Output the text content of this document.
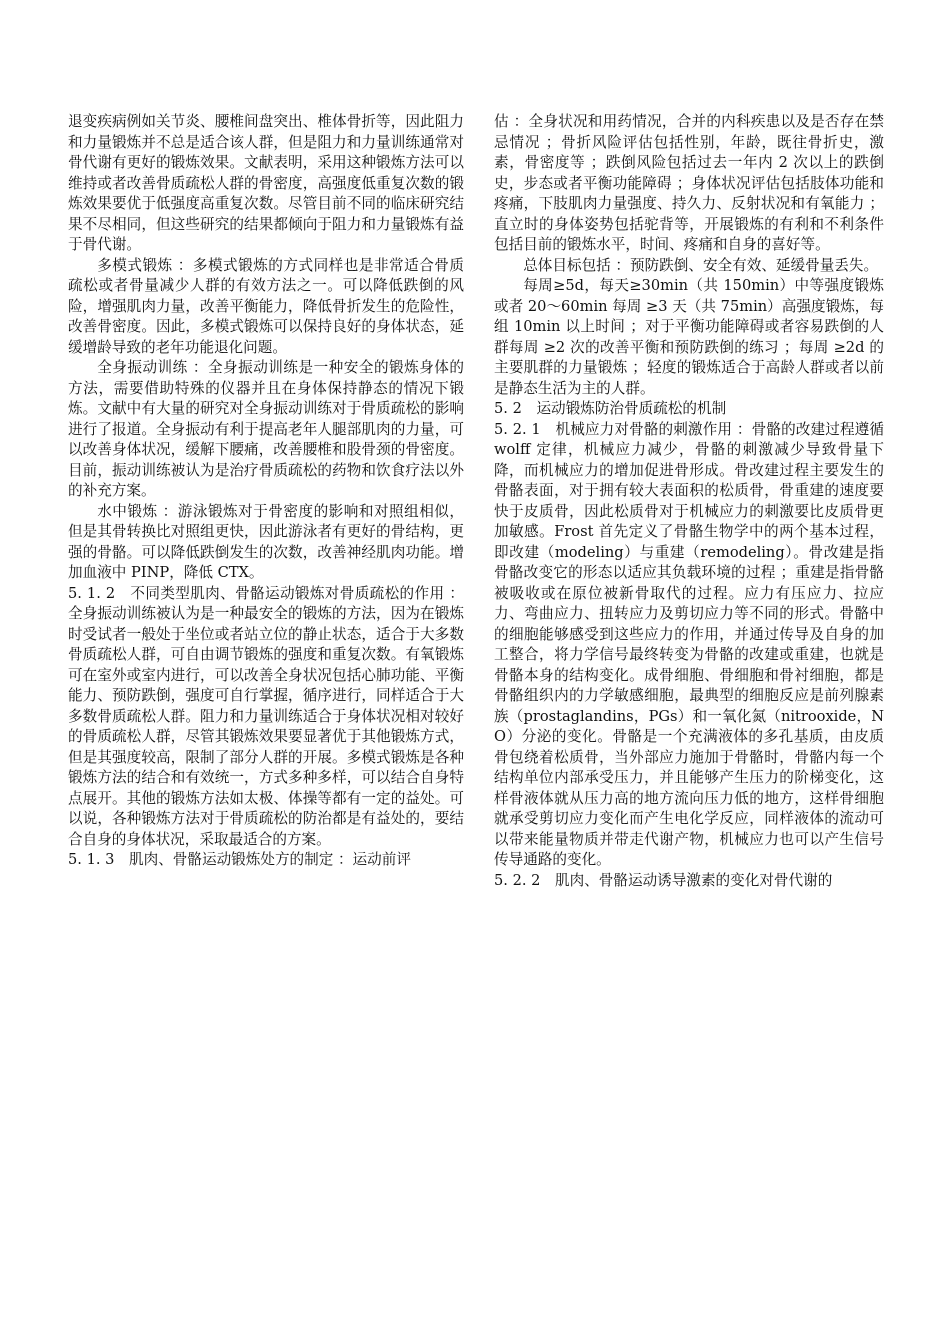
退变疾病例如关节炎、腰椎间盘突出、椎体骨折等，因此阻力和力量锻炼并不总是适合该人群，但是阻力和力量训练通常对骨代谢有更好的锻炼效果。文献表明，采用这种锻炼方法可以维持或者改善骨质疏松人群的骨密度，高强度低重复次数的锻炼效果要优于低强度高重复次数。尽管目前不同的临床研究结果不尽相同，但这些研究的结果都倾向于阻力和力量锻炼有益于骨代谢。

多模式锻炼 ：多模式锻炼的方式同样也是非常适合骨质疏松或者骨量减少人群的有效方法之一。可以降低跌倒的风险，增强肌肉力量，改善平衡能力，降低骨折发生的危险性，改善骨密度。因此，多模式锻炼可以保持良好的身体状态，延缓增龄导致的老年功能退化问题。

全身振动训练 ：全身振动训练是一种安全的锻炼身体的方法，需要借助特殊的仪器并且在身体保持静态的情况下锻炼。文献中有大量的研究对全身振动训练对于骨质疏松的影响进行了报道。全身振动有利于提高老年人腿部肌肉的力量，可以改善身体状况，缓解下腰痛，改善腰椎和股骨颈的骨密度。目前，振动训练被认为是治疗骨质疏松的药物和饮食疗法以外的补充方案。

水中锻炼 ：游泳锻炼对于骨密度的影响和对照组相似，但是其骨转换比对照组更快，因此游泳者有更好的骨结构，更强的骨骼。可以降低跌倒发生的次数，改善神经肌肉功能。增加血液中 PINP，降低 CTX。

5. 1. 2　不同类型肌肉、骨骼运动锻炼对骨质疏松的作用 ：全身振动训练被认为是一种最安全的锻炼的方法，因为在锻炼时受试者一般处于坐位或者站立位的静止状态，适合于大多数骨质疏松人群，可自由调节锻炼的强度和重复次数。有氧锻炼可在室外或室内进行，可以改善全身状况包括心肺功能、平衡能力、预防跌倒，强度可自行掌握，循序进行，同样适合于大多数骨质疏松人群。阻力和力量训练适合于身体状况相对较好的骨质疏松人群，尽管其锻炼效果要显著优于其他锻炼方式，但是其强度较高，限制了部分人群的开展。多模式锻炼是各种锻炼方法的结合和有效统一，方式多种多样，可以结合自身特点展开。其他的锻炼方法如太极、体操等都有一定的益处。可以说，各种锻炼方法对于骨质疏松的防治都是有益处的，要结合自身的身体状况，采取最适合的方案。

5. 1. 3　肌肉、骨骼运动锻炼处方的制定 ：运动前评

估 ：全身状况和用药情况，合并的内科疾患以及是否存在禁忌情况 ；骨折风险评估包括性别，年龄，既往骨折史，激素，骨密度等 ；跌倒风险包括过去一年内 2 次以上的跌倒史，步态或者平衡功能障碍 ；身体状况评估包括肢体功能和疼痛，下肢肌肉力量强度、持久力、反射状况和有氧能力 ；直立时的身体姿势包括驼背等，开展锻炼的有利和不利条件包括目前的锻炼水平，时间、疼痛和自身的喜好等。

总体目标包括 ：预防跌倒、安全有效、延缓骨量丢失。

每周≥5d，每天≥30min（共 150min）中等强度锻炼或者 20～60min 每周 ≥3 天（共 75min）高强度锻炼，每组 10min 以上时间 ；对于平衡功能障碍或者容易跌倒的人群每周 ≥2 次的改善平衡和预防跌倒的练习 ；每周 ≥2d 的主要肌群的力量锻炼 ；轻度的锻炼适合于高龄人群或者以前是静态生活为主的人群。

5. 2　运动锻炼防治骨质疏松的机制

5. 2. 1　机械应力对骨骼的刺激作用 ：骨骼的改建过程遵循 wolff 定律，机械应力减少，骨骼的刺激减少导致骨量下降，而机械应力的增加促进骨形成。骨改建过程主要发生的骨骼表面，对于拥有较大表面积的松质骨，骨重建的速度要快于皮质骨，因此松质骨对于机械应力的刺激要比皮质骨更加敏感。Frost 首先定义了骨骼生物学中的两个基本过程，即改建（modeling）与重建（remodeling）。骨改建是指骨骼改变它的形态以适应其负载环境的过程 ；重建是指骨骼被吸收或在原位被新骨取代的过程。应力有压应力、拉应力、弯曲应力、扭转应力及剪切应力等不同的形式。骨骼中的细胞能够感受到这些应力的作用，并通过传导及自身的加工整合，将力学信号最终转变为骨骼的改建或重建，也就是骨骼本身的结构变化。成骨细胞、骨细胞和骨衬细胞，都是骨骼组织内的力学敏感细胞，最典型的细胞反应是前列腺素族（prostaglandins，PGs）和一氧化氮（nitrooxide，NO）分泌的变化。骨骼是一个充满液体的多孔基质，由皮质骨包绕着松质骨，当外部应力施加于骨骼时，骨骼内每一个结构单位内部承受压力，并且能够产生压力的阶梯变化，这样骨液体就从压力高的地方流向压力低的地方，这样骨细胞就承受剪切应力变化而产生电化学反应，同样液体的流动可以带来能量物质并带走代谢产物，机械应力也可以产生信号传导通路的变化。

5. 2. 2　肌肉、骨骼运动诱导激素的变化对骨代谢的
